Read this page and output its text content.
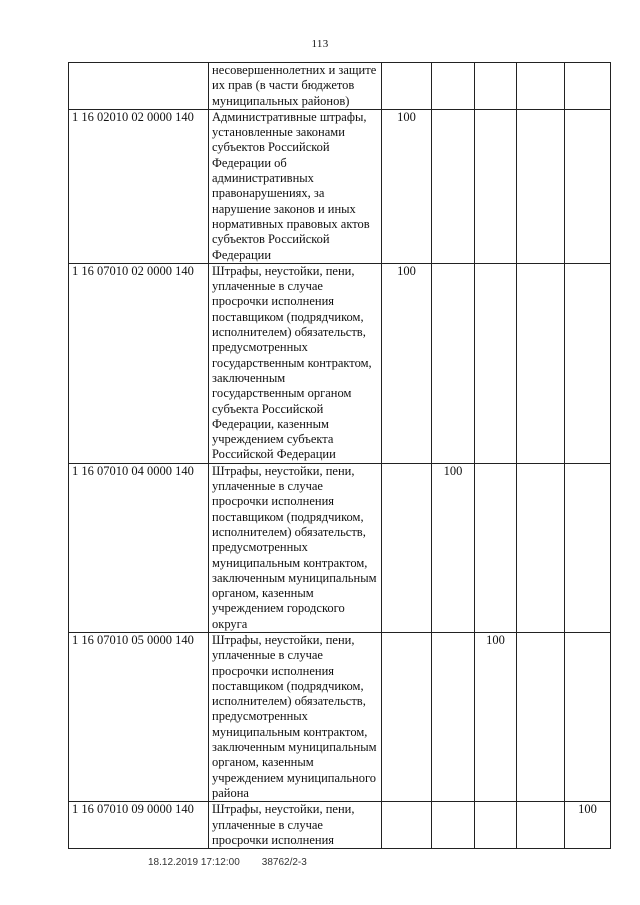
113
	несовершеннолетних и защите их прав (в части бюджетов муниципальных районов)					
1 16 02010 02 0000 140	Административные штрафы, установленные законами субъектов Российской Федерации об административных правонарушениях, за нарушение законов и иных нормативных правовых актов субъектов Российской Федерации	100				
1 16 07010 02 0000 140	Штрафы, неустойки, пени, уплаченные в случае просрочки исполнения поставщиком (подрядчиком, исполнителем) обязательств, предусмотренных государственным контрактом, заключенным государственным органом субъекта Российской Федерации, казенным учреждением субъекта Российской Федерации	100				
1 16 07010 04 0000 140	Штрафы, неустойки, пени, уплаченные в случае просрочки исполнения поставщиком (подрядчиком, исполнителем) обязательств, предусмотренных муниципальным контрактом, заключенным муниципальным органом, казенным учреждением городского округа		100			
1 16 07010 05 0000 140	Штрафы, неустойки, пени, уплаченные в случае просрочки исполнения поставщиком (подрядчиком, исполнителем) обязательств, предусмотренных муниципальным контрактом, заключенным муниципальным органом, казенным учреждением муниципального района			100		
1 16 07010 09 0000 140	Штрафы, неустойки, пени, уплаченные в случае просрочки исполнения					100
18.12.2019 17:12:00 38762/2-3
